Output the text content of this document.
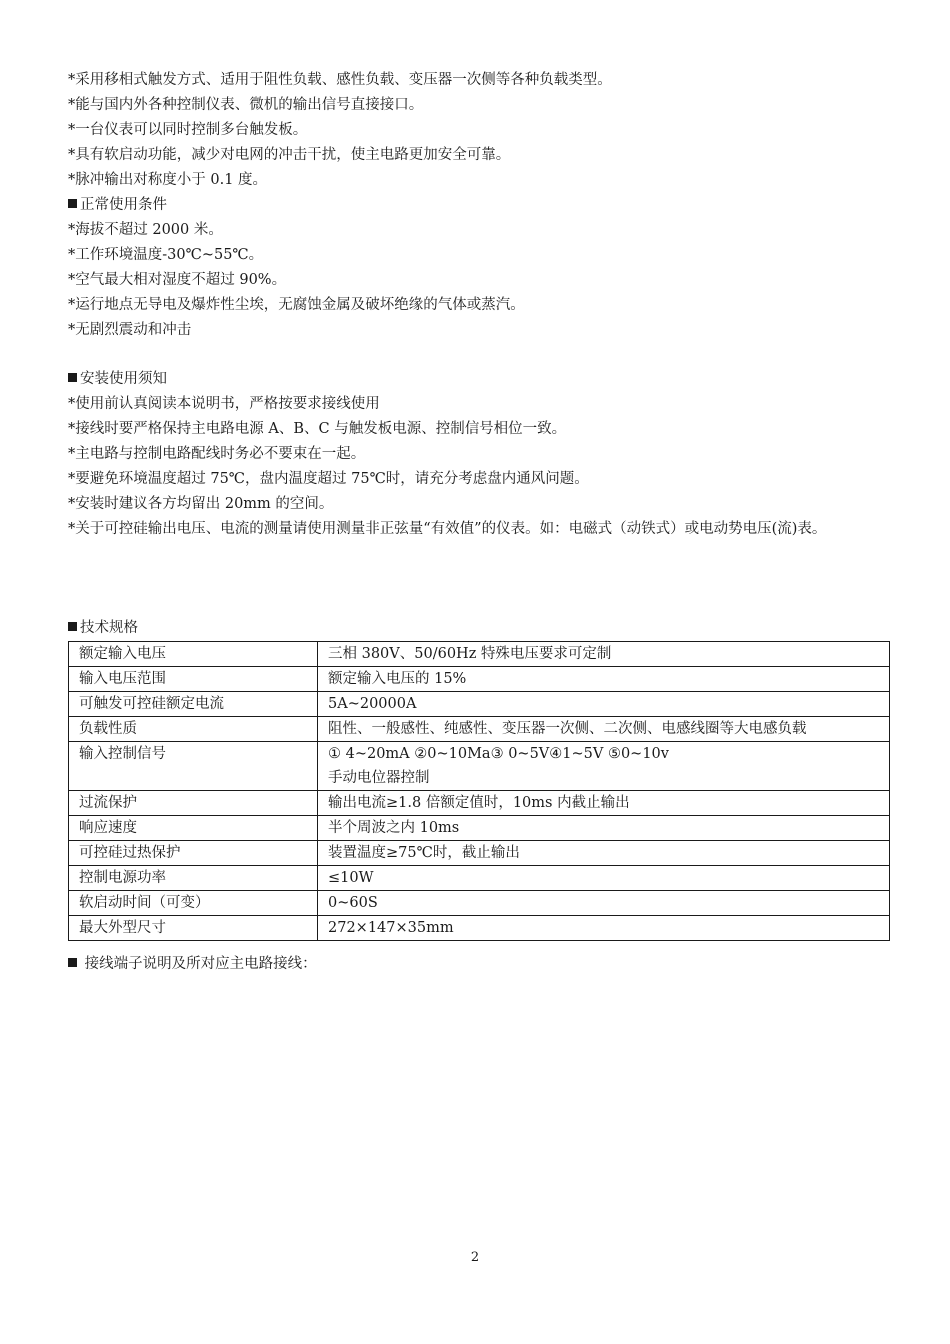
*采用移相式触发方式、适用于阻性负载、感性负载、变压器一次侧等各种负载类型。
*能与国内外各种控制仪表、微机的输出信号直接接口。
*一台仪表可以同时控制多台触发板。
*具有软启动功能，减少对电网的冲击干扰，使主电路更加安全可靠。
*脉冲输出对称度小于 0.1 度。
正常使用条件
*海拔不超过 2000 米。
*工作环境温度-30℃~55℃。
*空气最大相对湿度不超过 90%。
*运行地点无导电及爆炸性尘埃，无腐蚀金属及破坏绝缘的气体或蒸汽。
*无剧烈震动和冲击
安装使用须知
*使用前认真阅读本说明书，严格按要求接线使用
*接线时要严格保持主电路电源 A、B、C 与触发板电源、控制信号相位一致。
*主电路与控制电路配线时务必不要束在一起。
*要避免环境温度超过 75℃，盘内温度超过 75℃时，请充分考虑盘内通风问题。
*安装时建议各方均留出 20mm 的空间。
*关于可控硅输出电压、电流的测量请使用测量非正弦量“有效值”的仪表。如：电磁式（动铁式）或电动势电压(流)表。
技术规格
额定输入电压	三相 380V、50/60Hz 特殊电压要求可定制
输入电压范围	额定输入电压的 15%
可触发可控硅额定电流	5A~20000A
负载性质	阻性、一般感性、纯感性、变压器一次侧、二次侧、电感线圈等大电感负载
输入控制信号	① 4~20mA ②0~10Ma③ 0~5V④1~5V ⑤0~10v
手动电位器控制

过流保护	输出电流≥1.8 倍额定值时，10ms 内截止输出
响应速度	半个周波之内 10ms
可控硅过热保护	装置温度≥75℃时，截止输出
控制电源功率	≤10W
软启动时间（可变）	0~60S
最大外型尺寸	272×147×35mm
接线端子说明及所对应主电路接线：
2
